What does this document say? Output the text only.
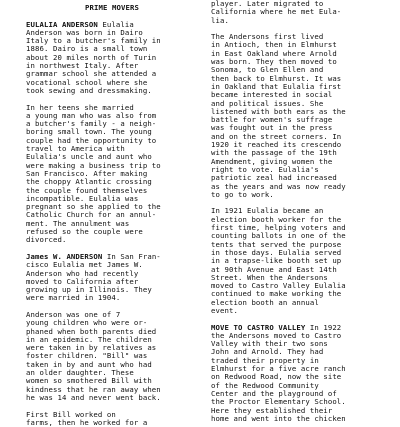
PRIME MOVERS
EULALIA ANDERSON Eulalia
Anderson was born in Dairo
Italy to a butcher's family in
1886. Dairo is a small town
about 20 miles north of Turin
in northwest Italy. After
grammar school she attended a
vocational school where she
took sewing and dressmaking.
In her teens she married
a young man who was also from
a butcher's family - a neigh-
boring small town. The young
couple had the opportunity to
travel to America with
Eulalia's uncle and aunt who
were making a business trip to
San Francisco. After making
the choppy Atlantic crossing
the couple found themselves
incompatible. Eulalia was
pregnant so she applied to the
Catholic Church for an annul-
ment. The annulment was
refused so the couple were
divorced.
James W. ANDERSON In San Fran-
cisco Eulalia met James W.
Anderson who had recently
moved to California after
growing up in Illinois. They
were married in 1904.
Anderson was one of 7
young children who were or-
phaned when both parents died
in an epidemic. The children
were taken in by relatives as
foster children. "Bill" was
taken in by and aunt who had
an older daughter. These
women so smothered Bill with
kindness that he ran away when
he was 14 and never went back.
First Bill worked on
farms, then he worked for a
player. Later migrated to
California where he met Eula-
lia.
The Andersons first lived
in Antioch, then in Elmhurst
in East Oakland where Arnold
was born. They then moved to
Sonoma, to Glen Ellen and
then back to Elmhurst. It was
in Oakland that Eulalia first
became interested in social
and political issues. She
listened with both ears as the
battle for women's suffrage
was fought out in the press
and on the street corners. In
1920 it reached its crescendo
with the passage of the 19th
Amendment, giving women the
right to vote. Eulalia's
patriotic zeal had increased
as the years and was now ready
to go to work.
In 1921 Eulalia became an
election booth worker for the
first time, helping voters and
counting ballots in one of the
tents that served the purpose
in those days. Eulalia served
in a trapse-like booth set up
at 90th Avenue and East 14th
Street. When the Andersons
moved to Castro Valley Eulalia
continued to make working the
election booth an annual
event.
MOVE TO CASTRO VALLEY In 1922
the Andersons moved to Castro
Valley with their two sons
John and Arnold. They had
traded their property in
Elmhurst for a five acre ranch
on Redwood Road, now the site
of the Redwood Community
Center and the playground of
the Proctor Elementary School.
Here they established their
home and went into the chicken
